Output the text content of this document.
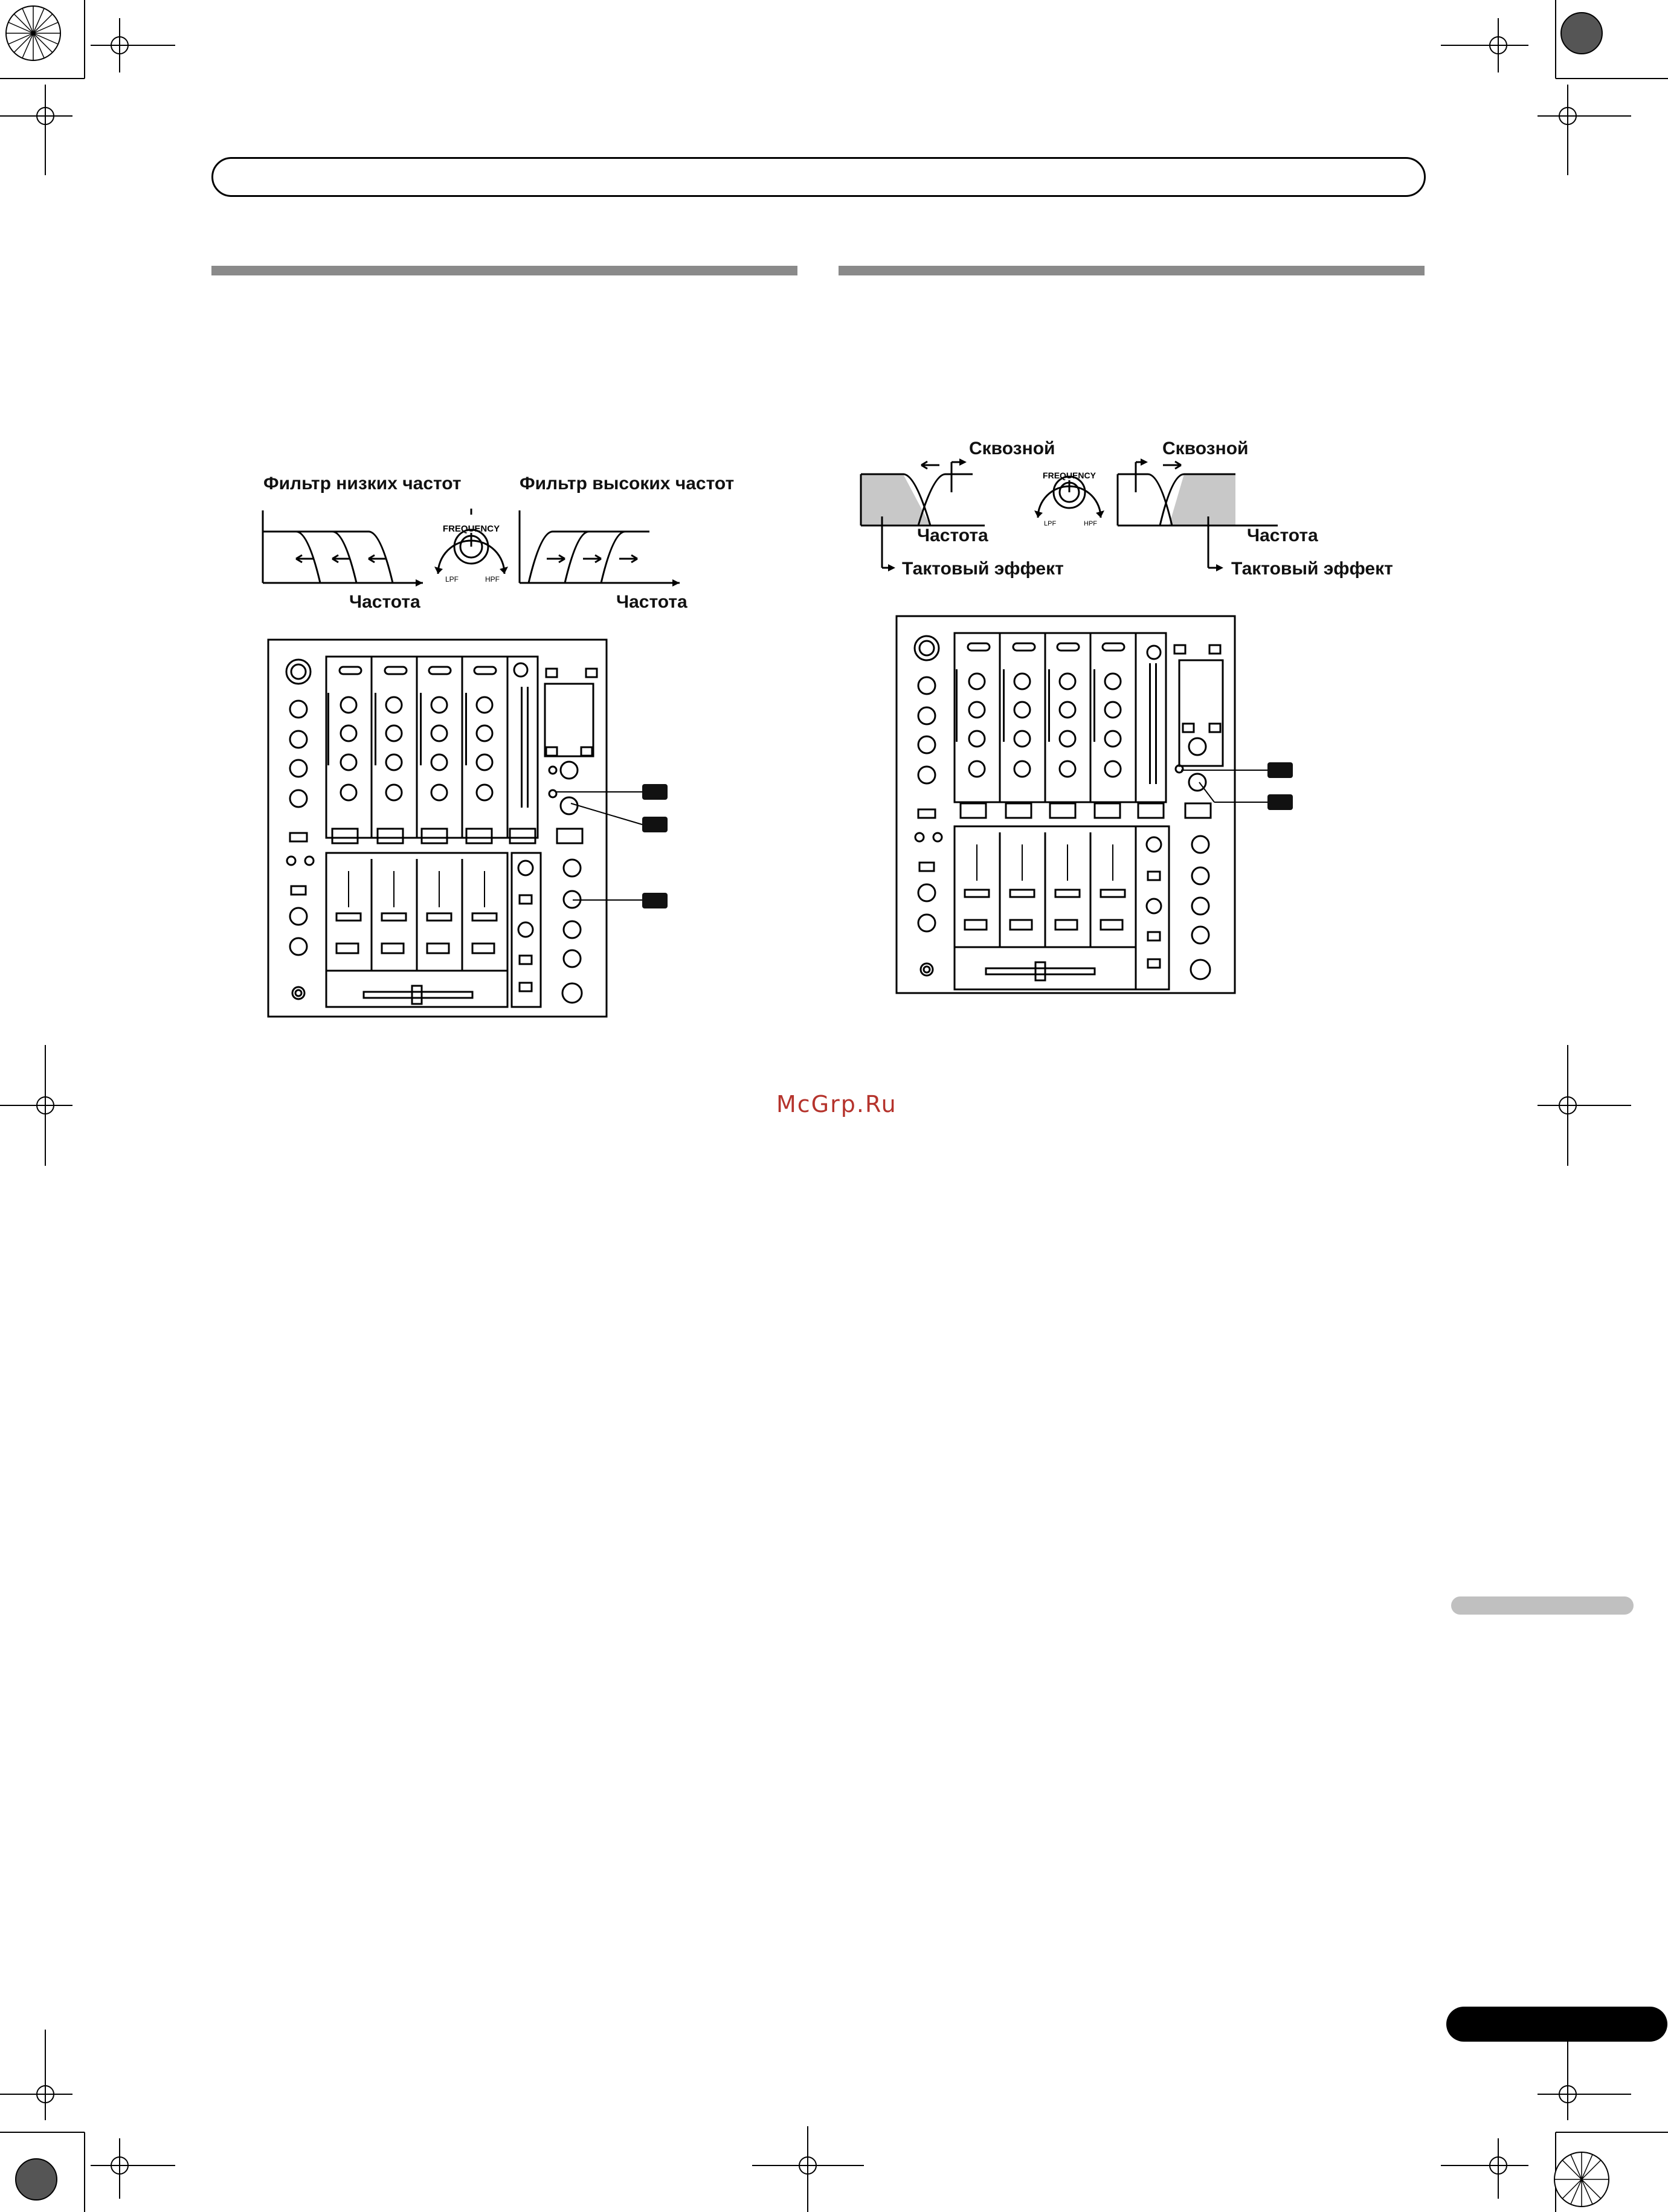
Фильтр низких частот	Фильтр высоких частот
FREQUENCY
LPF	HPF
Частота	Частота
Сквозной
Частота
Тактовый эффект
FREQUENCY
LPF	HPF
Сквозной
Частота
Тактовый эффект
McGrp.Ru
